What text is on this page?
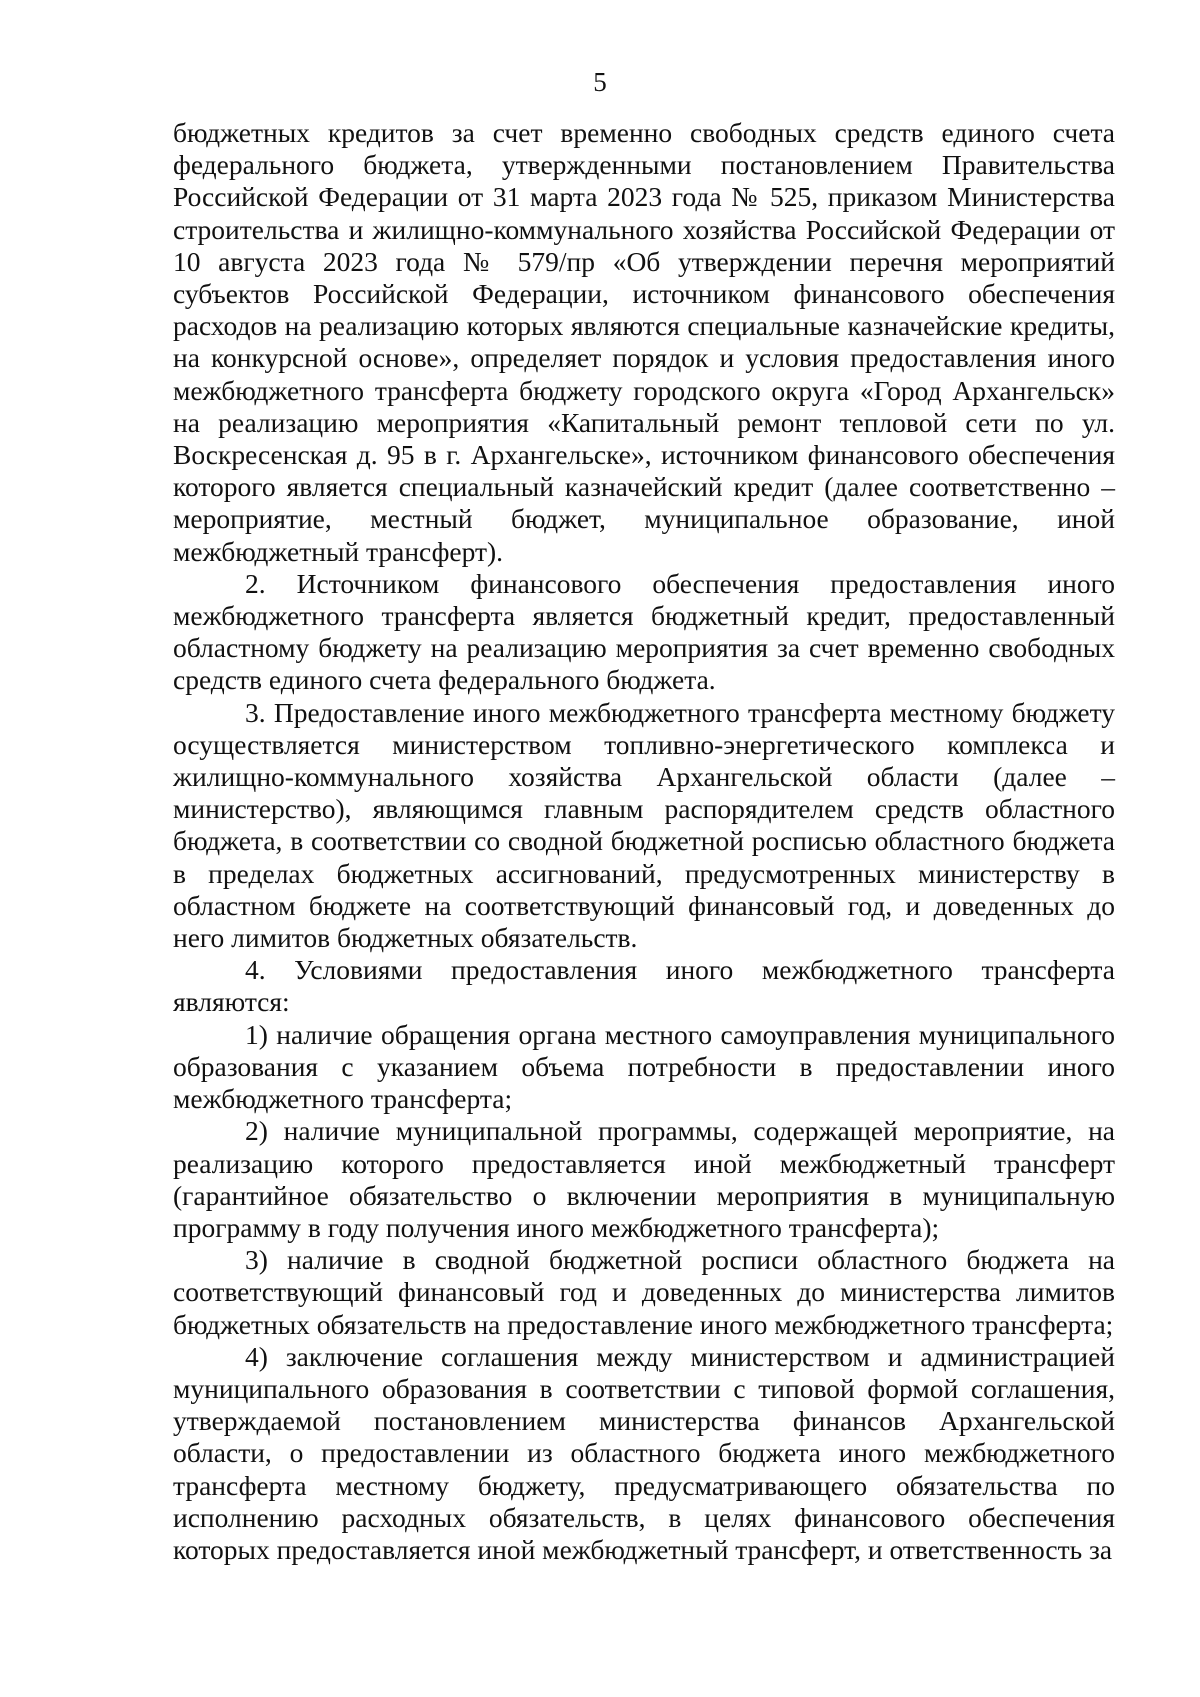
5

бюджетных кредитов за счет временно свободных средств единого счета федерального бюджета, утвержденными постановлением Правительства Российской Федерации от 31 марта 2023 года № 525, приказом Министерства строительства и жилищно-коммунального хозяйства Российской Федерации от 10 августа 2023 года № 579/пр «Об утверждении перечня мероприятий субъектов Российской Федерации, источником финансового обеспечения расходов на реализацию которых являются специальные казначейские кредиты, на конкурсной основе», определяет порядок и условия предоставления иного межбюджетного трансферта бюджету городского округа «Город Архангельск» на реализацию мероприятия «Капитальный ремонт тепловой сети по ул. Воскресенская д. 95 в г. Архангельске», источником финансового обеспечения которого является специальный казначейский кредит (далее соответственно – мероприятие, местный бюджет, муниципальное образование, иной межбюджетный трансферт).

2. Источником финансового обеспечения предоставления иного межбюджетного трансферта является бюджетный кредит, предоставленный областному бюджету на реализацию мероприятия за счет временно свободных средств единого счета федерального бюджета.

3. Предоставление иного межбюджетного трансферта местному бюджету осуществляется министерством топливно-энергетического комплекса и жилищно-коммунального хозяйства Архангельской области (далее – министерство), являющимся главным распорядителем средств областного бюджета, в соответствии со сводной бюджетной росписью областного бюджета в пределах бюджетных ассигнований, предусмотренных министерству в областном бюджете на соответствующий финансовый год, и доведенных до него лимитов бюджетных обязательств.

4. Условиями предоставления иного межбюджетного трансферта являются:

1) наличие обращения органа местного самоуправления муниципального образования с указанием объема потребности в предоставлении иного межбюджетного трансферта;

2) наличие муниципальной программы, содержащей мероприятие, на реализацию которого предоставляется иной межбюджетный трансферт (гарантийное обязательство о включении мероприятия в муниципальную программу в году получения иного межбюджетного трансферта);

3) наличие в сводной бюджетной росписи областного бюджета на соответствующий финансовый год и доведенных до министерства лимитов бюджетных обязательств на предоставление иного межбюджетного трансферта;

4) заключение соглашения между министерством и администрацией муниципального образования в соответствии с типовой формой соглашения, утверждаемой постановлением министерства финансов Архангельской области, о предоставлении из областного бюджета иного межбюджетного трансферта местному бюджету, предусматривающего обязательства по исполнению расходных обязательств, в целях финансового обеспечения которых предоставляется иной межбюджетный трансферт, и ответственность за
